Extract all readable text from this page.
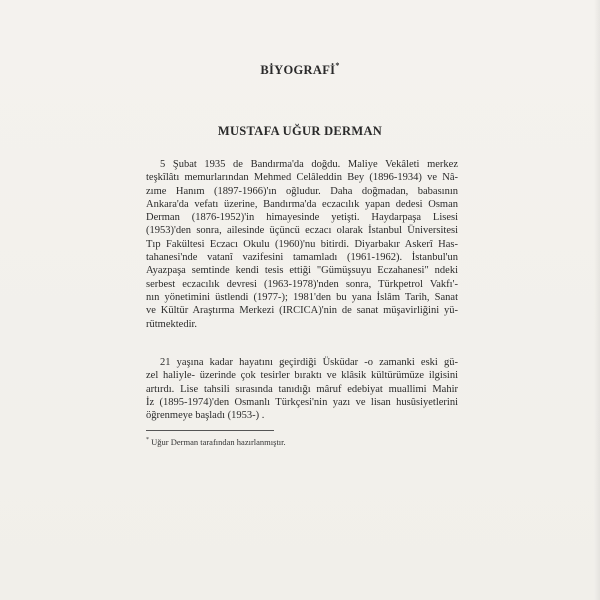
BİYOGRAFİ*
MUSTAFA UĞUR DERMAN

5 Şubat 1935 de Bandırma'da doğdu. Maliye Vekâleti merkez
teşkîlâtı memurlarından Mehmed Celâleddin Bey (1896-1934) ve Nâ-
zıme Hanım (1897-1966)'ın oğludur. Daha doğmadan, babasının
Ankara'da vefatı üzerine, Bandırma'da eczacılık yapan dedesi Osman
Derman (1876-1952)'in himayesinde yetişti. Haydarpaşa Lisesi
(1953)'den sonra, ailesinde üçüncü eczacı olarak İstanbul Üniversitesi
Tıp Fakültesi Eczacı Okulu (1960)'nu bitirdi. Diyarbakır Askerî Has-
tahanesi'nde vatanî vazifesini tamamladı (1961-1962). İstanbul'un
Ayazpaşa semtinde kendi tesis ettiği "Gümüşsuyu Eczahanesi" ndeki
serbest eczacılık devresi (1963-1978)'nden sonra, Türkpetrol Vakfı'-
nın yönetimini üstlendi (1977-); 1981'den bu yana İslâm Tarih, Sanat
ve Kültür Araştırma Merkezi (IRCICA)'nin de sanat müşavirliğini yü-
rütmektedir.

21 yaşına kadar hayatını geçirdiği Üsküdar -o zamanki eski gü-
zel haliyle- üzerinde çok tesirler bıraktı ve klâsik kültürümüze ilgisini
artırdı. Lise tahsili sırasında tanıdığı mâruf edebiyat muallimi Mahir
İz (1895-1974)'den Osmanlı Türkçesi'nin yazı ve lisan husûsiyetlerini
öğrenmeye başladı (1953-) .

* Uğur Derman tarafından hazırlanmıştır.
